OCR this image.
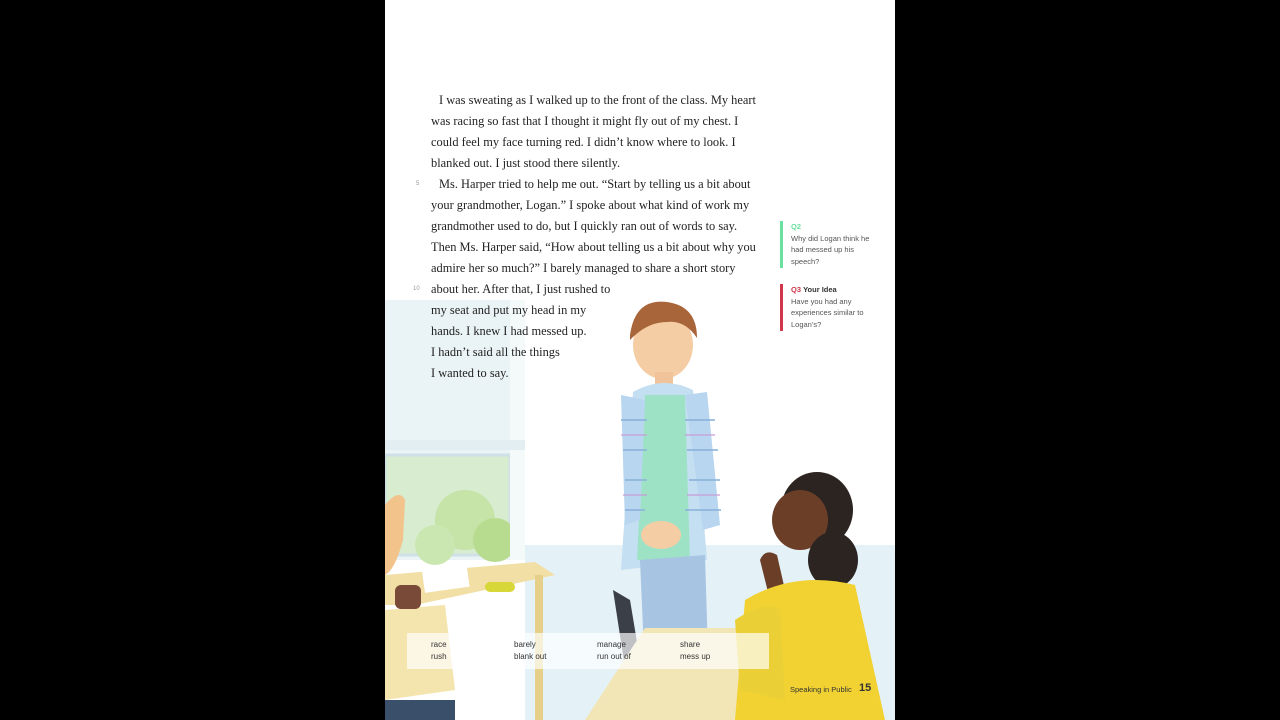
I was sweating as I walked up to the front of the class. My heart
was racing so fast that I thought it might fly out of my chest. I
could feel my face turning red. I didn’t know where to look. I
blanked out. I just stood there silently.
Ms. Harper tried to help me out. “Start by telling us a bit about
your grandmother, Logan.” I spoke about what kind of work my
grandmother used to do, but I quickly ran out of words to say.
Then Ms. Harper said, “How about telling us a bit about why you
admire her so much?” I barely managed to share a short story
about her. After that, I just rushed to
my seat and put my head in my
hands. I knew I had messed up.
I hadn’t said all the things
I wanted to say.
5
10
Q2
Why did Logan think he had messed up his speech?
Q3 Your Idea
Have you had any experiences similar to Logan’s?
race
rush
barely
blank out
manage
run out of
share
mess up
Speaking in Public 15
